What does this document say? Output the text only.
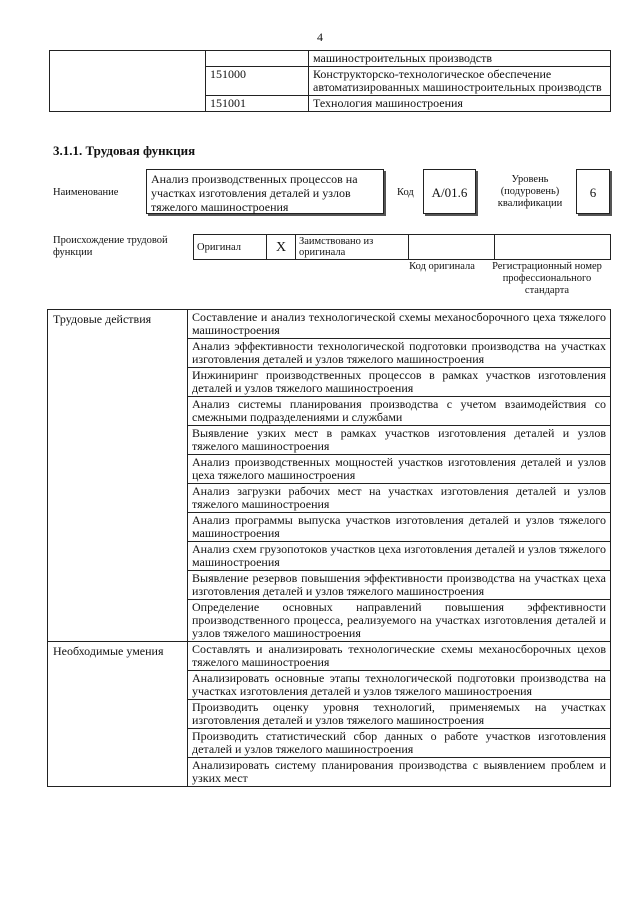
4
		машиностроительных производств
	151000	Конструкторско-технологическое обеспечение автоматизированных машиностроительных производств
	151001	Технология машиностроения
3.1.1. Трудовая функция
Наименование
Анализ производственных процессов на участках изготовления деталей и узлов тяжелого машиностроения
Код	A/01.6
Уровень (подуровень) квалификации
6
Происхождение трудовой функции	Оригинал	X	Заимствовано из оригинала		
Код оригинала	Регистрационный номер профессионального стандарта
Трудовые действия	Составление и анализ технологической схемы механосборочного цеха тяжелого машиностроения
	Анализ эффективности технологической подготовки производства на участках изготовления деталей и узлов тяжелого машиностроения
	Инжиниринг производственных процессов в рамках участков изготовления деталей и узлов тяжелого машиностроения
	Анализ системы планирования производства с учетом взаимодействия со смежными подразделениями и службами
	Выявление узких мест в рамках участков изготовления деталей и узлов тяжелого машиностроения
	Анализ производственных мощностей участков изготовления деталей и узлов цеха тяжелого машиностроения
	Анализ загрузки рабочих мест на участках изготовления деталей и узлов тяжелого машиностроения
	Анализ программы выпуска участков изготовления деталей и узлов тяжелого машиностроения
	Анализ схем грузопотоков участков цеха изготовления деталей и узлов тяжелого машиностроения
	Выявление резервов повышения эффективности производства на участках цеха изготовления деталей и узлов тяжелого машиностроения
	Определение основных направлений повышения эффективности производственного процесса, реализуемого на участках изготовления деталей и узлов тяжелого машиностроения
Необходимые умения	Составлять и анализировать технологические схемы механосборочных цехов тяжелого машиностроения
	Анализировать основные этапы технологической подготовки производства на участках изготовления деталей и узлов тяжелого машиностроения
	Производить оценку уровня технологий, применяемых на участках изготовления деталей и узлов тяжелого машиностроения
	Производить статистический сбор данных о работе участков изготовления деталей и узлов тяжелого машиностроения
	Анализировать систему планирования производства с выявлением проблем и узких мест
